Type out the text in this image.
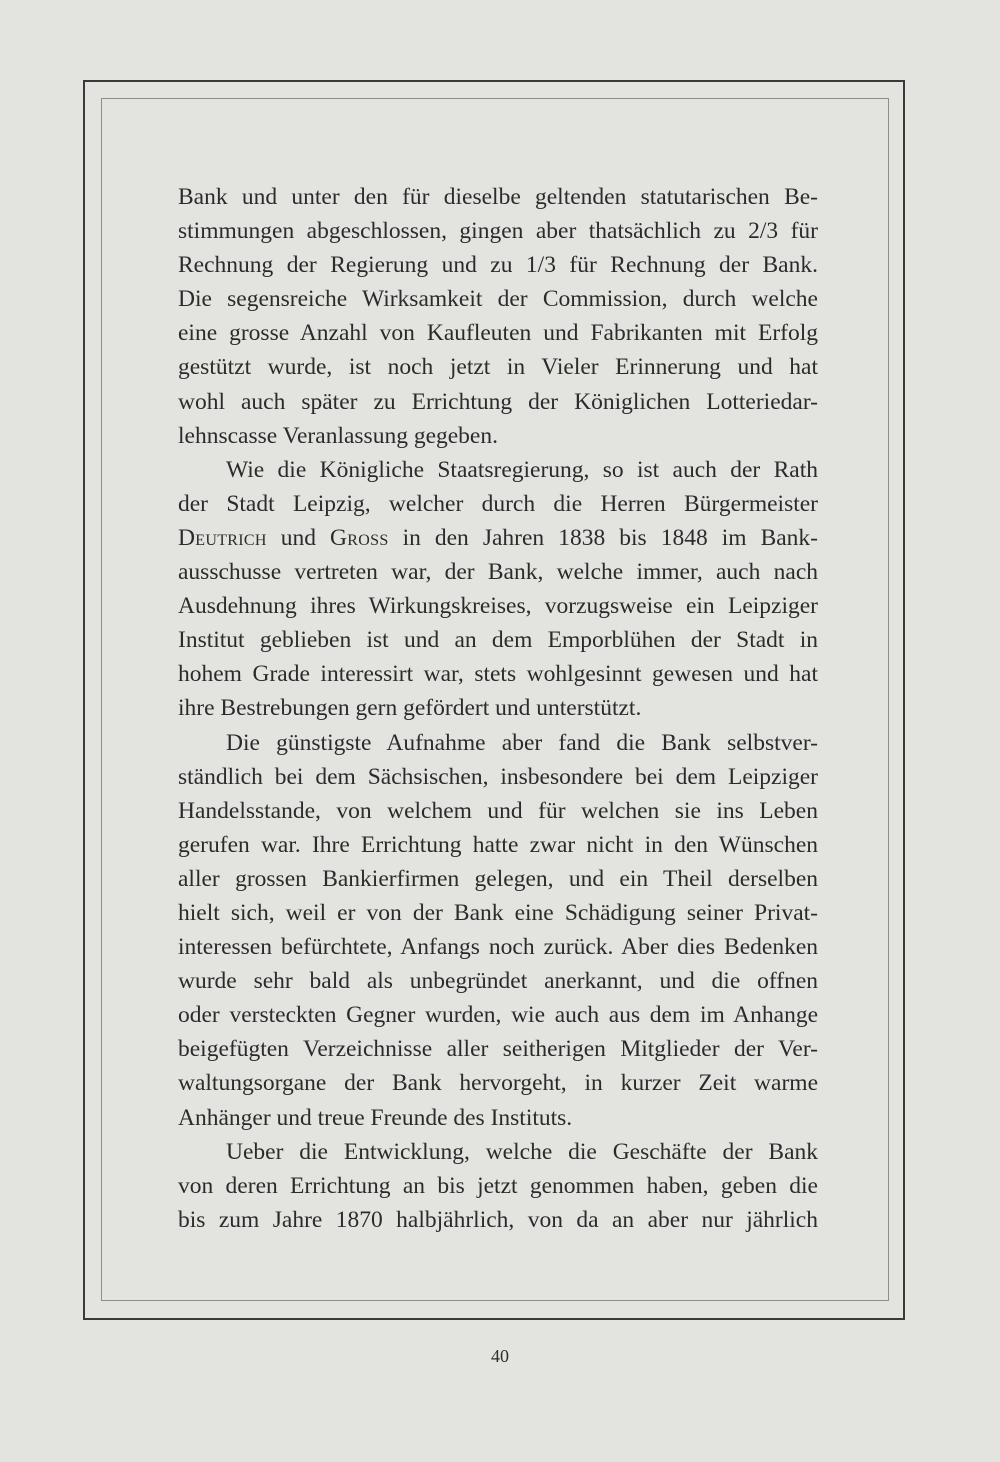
Bank und unter den für dieselbe geltenden statutarischen Be-
stimmungen abgeschlossen, gingen aber thatsächlich zu 2/3 für
Rechnung der Regierung und zu 1/3 für Rechnung der Bank.
Die segensreiche Wirksamkeit der Commission, durch welche
eine grosse Anzahl von Kaufleuten und Fabrikanten mit Erfolg
gestützt wurde, ist noch jetzt in Vieler Erinnerung und hat
wohl auch später zu Errichtung der Königlichen Lotteriedar-
lehnscasse Veranlassung gegeben.
Wie die Königliche Staatsregierung, so ist auch der Rath
der Stadt Leipzig, welcher durch die Herren Bürgermeister
Deutrich und Gross in den Jahren 1838 bis 1848 im Bank-
ausschusse vertreten war, der Bank, welche immer, auch nach
Ausdehnung ihres Wirkungskreises, vorzugsweise ein Leipziger
Institut geblieben ist und an dem Emporblühen der Stadt in
hohem Grade interessirt war, stets wohlgesinnt gewesen und hat
ihre Bestrebungen gern gefördert und unterstützt.
Die günstigste Aufnahme aber fand die Bank selbstver-
ständlich bei dem Sächsischen, insbesondere bei dem Leipziger
Handelsstande, von welchem und für welchen sie ins Leben
gerufen war. Ihre Errichtung hatte zwar nicht in den Wünschen
aller grossen Bankierfirmen gelegen, und ein Theil derselben
hielt sich, weil er von der Bank eine Schädigung seiner Privat-
interessen befürchtete, Anfangs noch zurück. Aber dies Bedenken
wurde sehr bald als unbegründet anerkannt, und die offnen
oder versteckten Gegner wurden, wie auch aus dem im Anhange
beigefügten Verzeichnisse aller seitherigen Mitglieder der Ver-
waltungsorgane der Bank hervorgeht, in kurzer Zeit warme
Anhänger und treue Freunde des Instituts.
Ueber die Entwicklung, welche die Geschäfte der Bank
von deren Errichtung an bis jetzt genommen haben, geben die
bis zum Jahre 1870 halbjährlich, von da an aber nur jährlich
40
